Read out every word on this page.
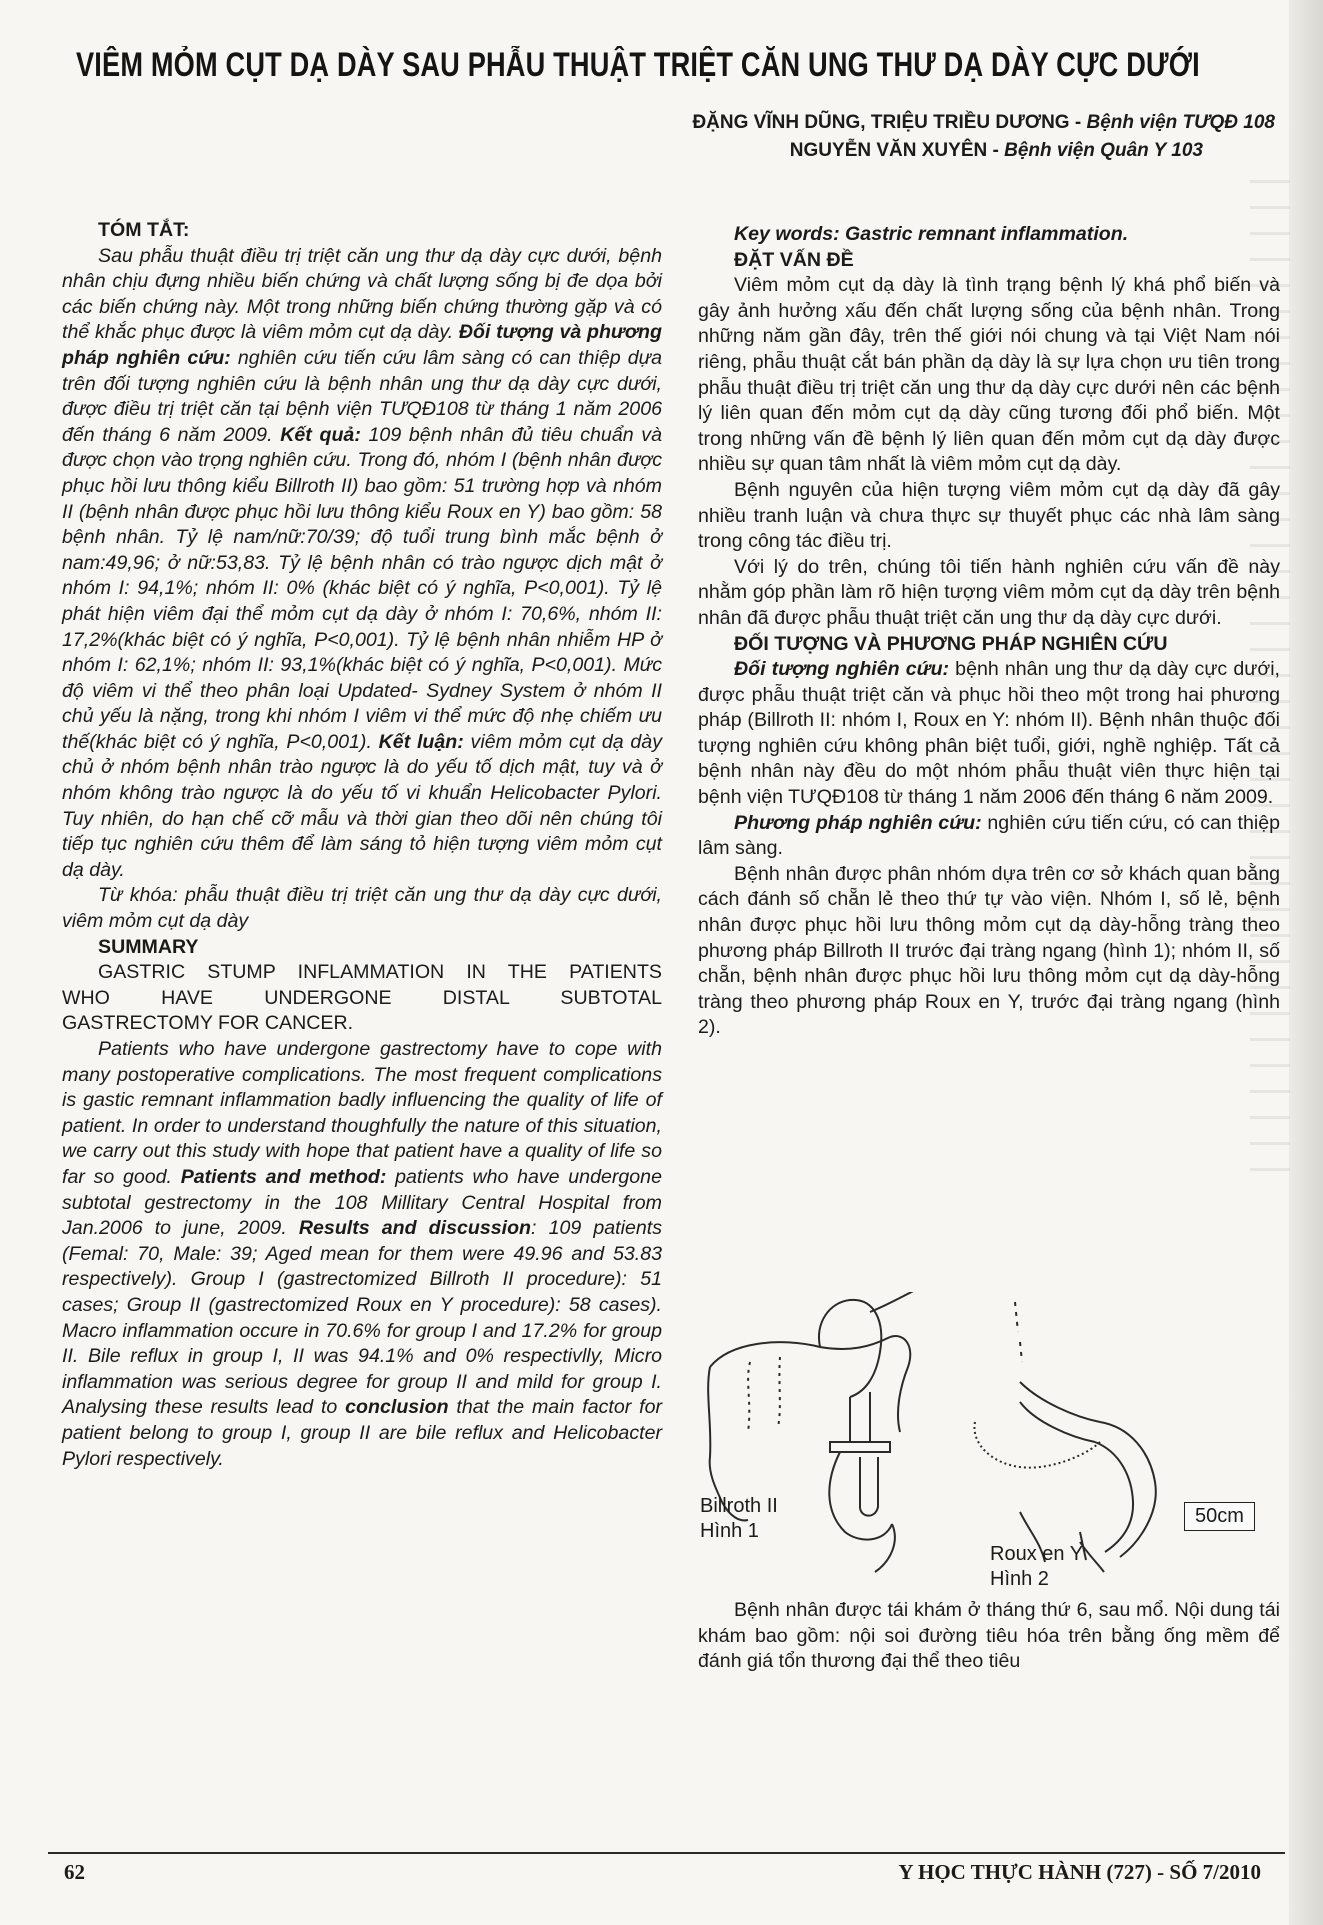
VIÊM MỎM CỤT DẠ DÀY SAU PHẪU THUẬT TRIỆT CĂN UNG THƯ DẠ DÀY CỰC DƯỚI
ĐẶNG VĨNH DŨNG, TRIỆU TRIỀU DƯƠNG - Bệnh viện TƯQĐ 108
NGUYỄN VĂN XUYÊN - Bệnh viện Quân Y 103

TÓM TẮT:

Sau phẫu thuật điều trị triệt căn ung thư dạ dày cực dưới, bệnh nhân chịu đựng nhiều biến chứng và chất lượng sống bị đe dọa bởi các biến chứng này. Một trong những biến chứng thường gặp và có thể khắc phục được là viêm mỏm cụt dạ dày. Đối tượng và phương pháp nghiên cứu: nghiên cứu tiến cứu lâm sàng có can thiệp dựa trên đối tượng nghiên cứu là bệnh nhân ung thư dạ dày cực dưới, được điều trị triệt căn tại bệnh viện TƯQĐ108 từ tháng 1 năm 2006 đến tháng 6 năm 2009. Kết quả: 109 bệnh nhân đủ tiêu chuẩn và được chọn vào trọng nghiên cứu. Trong đó, nhóm I (bệnh nhân được phục hồi lưu thông kiểu Billroth II) bao gồm: 51 trường hợp và nhóm II (bệnh nhân được phục hồi lưu thông kiểu Roux en Y) bao gồm: 58 bệnh nhân. Tỷ lệ nam/nữ:70/39; độ tuổi trung bình mắc bệnh ở nam:49,96; ở nữ:53,83. Tỷ lệ bệnh nhân có trào ngược dịch mật ở nhóm I: 94,1%; nhóm II: 0% (khác biệt có ý nghĩa, P<0,001). Tỷ lệ phát hiện viêm đại thể mỏm cụt dạ dày ở nhóm I: 70,6%, nhóm II: 17,2%(khác biệt có ý nghĩa, P<0,001). Tỷ lệ bệnh nhân nhiễm HP ở nhóm I: 62,1%; nhóm II: 93,1%(khác biệt có ý nghĩa, P<0,001). Mức độ viêm vi thể theo phân loại Updated- Sydney System ở nhóm II chủ yếu là nặng, trong khi nhóm I viêm vi thể mức độ nhẹ chiếm ưu thế(khác biệt có ý nghĩa, P<0,001). Kết luận: viêm mỏm cụt dạ dày chủ ở nhóm bệnh nhân trào ngược là do yếu tố dịch mật, tuy và ở nhóm không trào ngược là do yếu tố vi khuẩn Helicobacter Pylori. Tuy nhiên, do hạn chế cỡ mẫu và thời gian theo dõi nên chúng tôi tiếp tục nghiên cứu thêm để làm sáng tỏ hiện tượng viêm mỏm cụt dạ dày.

Từ khóa: phẫu thuật điều trị triệt căn ung thư dạ dày cực dưới, viêm mỏm cụt dạ dày

SUMMARY

GASTRIC STUMP INFLAMMATION IN THE PATIENTS

WHO HAVE UNDERGONE DISTAL SUBTOTAL

GASTRECTOMY FOR CANCER.

Patients who have undergone gastrectomy have to cope with many postoperative complications. The most frequent complications is gastic remnant inflammation badly influencing the quality of life of patient. In order to understand thoughfully the nature of this situation, we carry out this study with hope that patient have a quality of life so far so good. Patients and method: patients who have undergone subtotal gestrectomy in the 108 Millitary Central Hospital from Jan.2006 to june, 2009. Results and discussion: 109 patients (Femal: 70, Male: 39; Aged mean for them were 49.96 and 53.83 respectively). Group I (gastrectomized Billroth II procedure): 51 cases; Group II (gastrectomized Roux en Y procedure): 58 cases). Macro inflammation occure in 70.6% for group I and 17.2% for group II. Bile reflux in group I, II was 94.1% and 0% respectivlly, Micro inflammation was serious degree for group II and mild for group I. Analysing these results lead to conclusion that the main factor for patient belong to group I, group II are bile reflux and Helicobacter Pylori respectively.

Key words: Gastric remnant inflammation.

ĐẶT VẤN ĐỀ

Viêm mỏm cụt dạ dày là tình trạng bệnh lý khá phổ biến và gây ảnh hưởng xấu đến chất lượng sống của bệnh nhân. Trong những năm gần đây, trên thế giới nói chung và tại Việt Nam nói riêng, phẫu thuật cắt bán phần dạ dày là sự lựa chọn ưu tiên trong phẫu thuật điều trị triệt căn ung thư dạ dày cực dưới nên các bệnh lý liên quan đến mỏm cụt dạ dày cũng tương đối phổ biến. Một trong những vấn đề bệnh lý liên quan đến mỏm cụt dạ dày được nhiều sự quan tâm nhất là viêm mỏm cụt dạ dày.

Bệnh nguyên của hiện tượng viêm mỏm cụt dạ dày đã gây nhiều tranh luận và chưa thực sự thuyết phục các nhà lâm sàng trong công tác điều trị.

Với lý do trên, chúng tôi tiến hành nghiên cứu vấn đề này nhằm góp phần làm rõ hiện tượng viêm mỏm cụt dạ dày trên bệnh nhân đã được phẫu thuật triệt căn ung thư dạ dày cực dưới.

ĐỐI TƯỢNG VÀ PHƯƠNG PHÁP NGHIÊN CỨU

Đối tượng nghiên cứu: bệnh nhân ung thư dạ dày cực dưới, được phẫu thuật triệt căn và phục hồi theo một trong hai phương pháp (Billroth II: nhóm I, Roux en Y: nhóm II). Bệnh nhân thuộc đối tượng nghiên cứu không phân biệt tuổi, giới, nghề nghiệp. Tất cả bệnh nhân này đều do một nhóm phẫu thuật viên thực hiện tại bệnh viện TƯQĐ108 từ tháng 1 năm 2006 đến tháng 6 năm 2009.

Phương pháp nghiên cứu: nghiên cứu tiến cứu, có can thiệp lâm sàng.

Bệnh nhân được phân nhóm dựa trên cơ sở khách quan bằng cách đánh số chẵn lẻ theo thứ tự vào viện. Nhóm I, số lẻ, bệnh nhân được phục hồi lưu thông mỏm cụt dạ dày-hỗng tràng theo phương pháp Billroth II trước đại tràng ngang (hình 1); nhóm II, số chẵn, bệnh nhân được phục hồi lưu thông mỏm cụt dạ dày-hỗng tràng theo phương pháp Roux en Y, trước đại tràng ngang (hình 2).

Billroth II
Hình 1
Roux en Y
Hình 2
50cm

Bệnh nhân được tái khám ở tháng thứ 6, sau mổ. Nội dung tái khám bao gồm: nội soi đường tiêu hóa trên bằng ống mềm để đánh giá tổn thương đại thể theo tiêu

62	Y HỌC THỰC HÀNH (727) - SỐ 7/2010
